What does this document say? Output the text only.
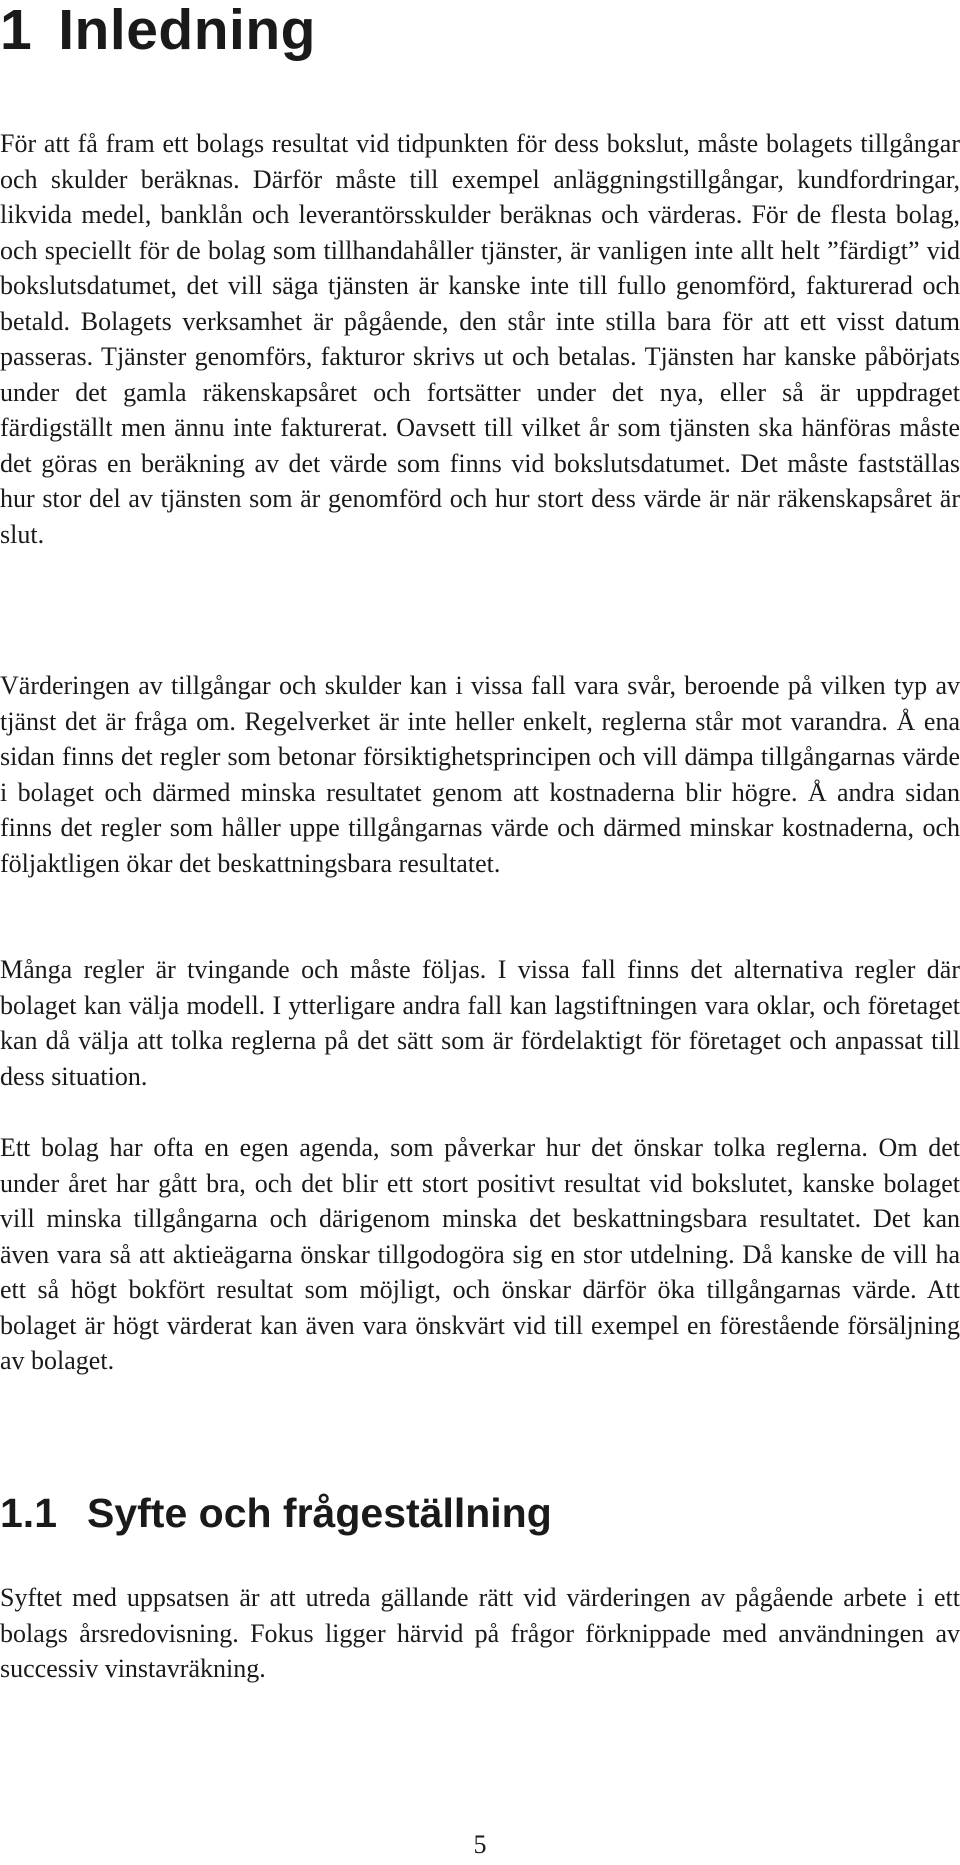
1 Inledning

För att få fram ett bolags resultat vid tidpunkten för dess bokslut, måste bolagets tillgångar och skulder beräknas. Därför måste till exempel anläggningstillgångar, kundfordringar, likvida medel, banklån och leverantörsskulder beräknas och värderas. För de flesta bolag, och speciellt för de bolag som tillhandahåller tjänster, är vanligen inte allt helt ”färdigt” vid bokslutsdatumet, det vill säga tjänsten är kanske inte till fullo genomförd, fakturerad och betald. Bolagets verksamhet är pågående, den står inte stilla bara för att ett visst datum passeras. Tjänster genomförs, fakturor skrivs ut och betalas. Tjänsten har kanske påbörjats under det gamla räkenskapsåret och fortsätter under det nya, eller så är uppdraget färdigställt men ännu inte fakturerat. Oavsett till vilket år som tjänsten ska hänföras måste det göras en beräkning av det värde som finns vid bokslutsdatumet. Det måste fastställas hur stor del av tjänsten som är genomförd och hur stort dess värde är när räkenskapsåret är slut.

Värderingen av tillgångar och skulder kan i vissa fall vara svår, beroende på vilken typ av tjänst det är fråga om. Regelverket är inte heller enkelt, reglerna står mot varandra. Å ena sidan finns det regler som betonar försiktighetsprincipen och vill dämpa tillgångarnas värde i bolaget och därmed minska resultatet genom att kostnaderna blir högre. Å andra sidan finns det regler som håller uppe tillgångarnas värde och därmed minskar kostnaderna, och följaktligen ökar det beskattningsbara resultatet.

Många regler är tvingande och måste följas. I vissa fall finns det alternativa regler där bolaget kan välja modell. I ytterligare andra fall kan lagstiftningen vara oklar, och företaget kan då välja att tolka reglerna på det sätt som är fördelaktigt för företaget och anpassat till dess situation.

Ett bolag har ofta en egen agenda, som påverkar hur det önskar tolka reglerna. Om det under året har gått bra, och det blir ett stort positivt resultat vid bokslutet, kanske bolaget vill minska tillgångarna och därigenom minska det beskattningsbara resultatet. Det kan även vara så att aktieägarna önskar tillgodogöra sig en stor utdelning. Då kanske de vill ha ett så högt bokfört resultat som möjligt, och önskar därför öka tillgångarnas värde. Att bolaget är högt värderat kan även vara önskvärt vid till exempel en förestående försäljning av bolaget.

1.1 Syfte och frågeställning

Syftet med uppsatsen är att utreda gällande rätt vid värderingen av pågående arbete i ett bolags årsredovisning. Fokus ligger härvid på frågor förknippade med användningen av successiv vinstavräkning.

5
